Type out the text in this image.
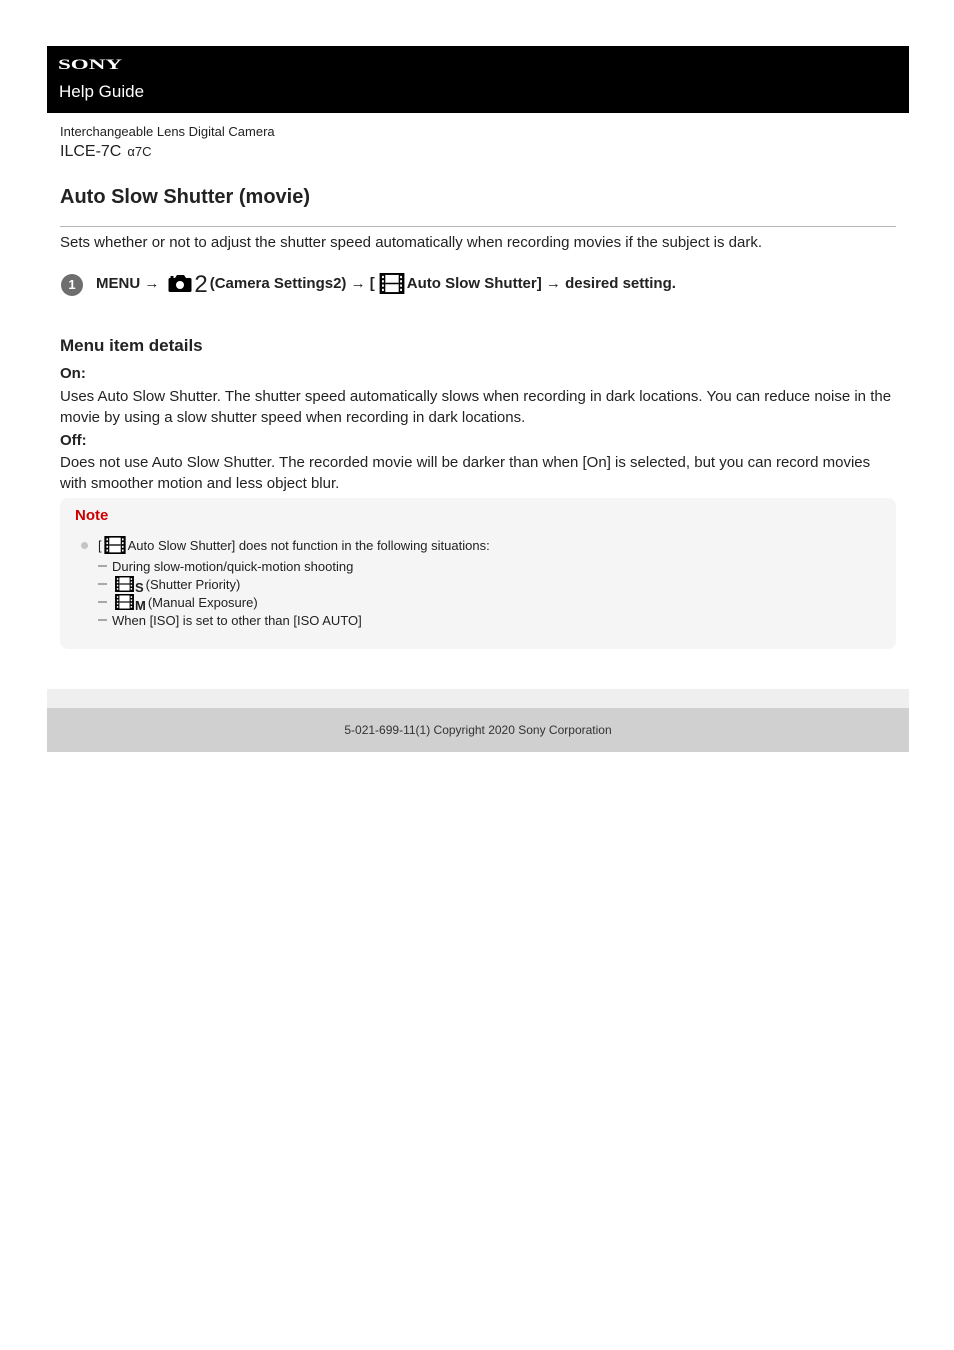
SONY
Help Guide
Interchangeable Lens Digital Camera
ILCE-7C α7C
Auto Slow Shutter (movie)
Sets whether or not to adjust the shutter speed automatically when recording movies if the subject is dark.
1	MENU → 2 (Camera Settings2) → [ Auto Slow Shutter] → desired setting.
Menu item details
On:
Uses Auto Slow Shutter. The shutter speed automatically slows when recording in dark locations. You can reduce noise in the movie by using a slow shutter speed when recording in dark locations.
Off:
Does not use Auto Slow Shutter. The recorded movie will be darker than when [On] is selected, but you can record movies with smoother motion and less object blur.
Note
[ Auto Slow Shutter] does not function in the following situations:
During slow-motion/quick-motion shooting
S (Shutter Priority)
M (Manual Exposure)
When [ISO] is set to other than [ISO AUTO]
5-021-699-11(1) Copyright 2020 Sony Corporation
